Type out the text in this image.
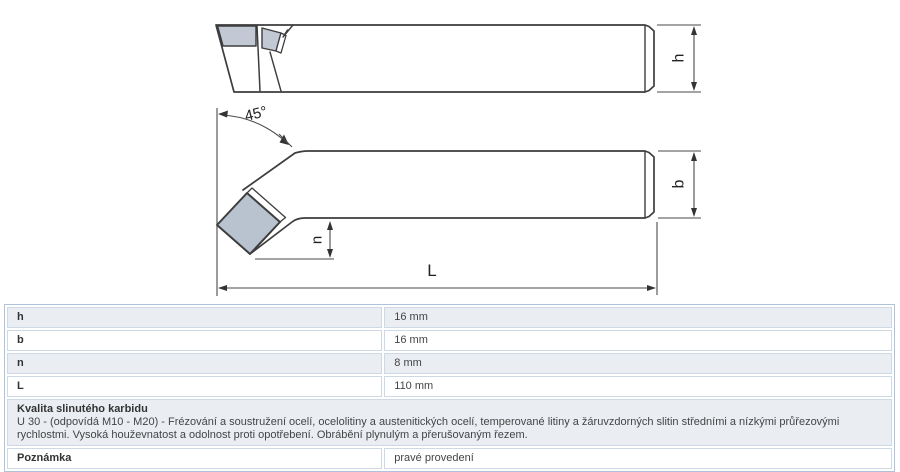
h
45°
b
n
L
h	16 mm
b	16 mm
n	8 mm
L	110 mm

Kvalita slinutého karbidu
U 30 - (odpovídá M10 - M20) - Frézování a soustružení ocelí, ocelolitiny a austenitických ocelí, temperované litiny a žáruvzdorných slitin středními a nízkými průřezovými rychlostmi. Vysoká houževnatost a odolnost proti opotřebení. Obrábění plynulým a přerušovaným řezem.	

Poznámka	pravé provedení
